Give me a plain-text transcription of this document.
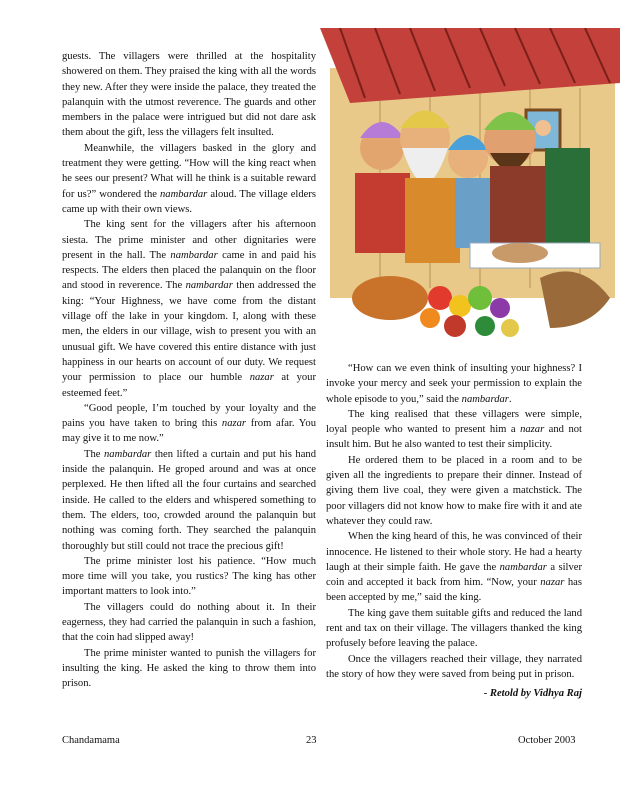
guests. The villagers were thrilled at the hospitality showered on them. They praised the king with all the words they new. After they were inside the palace, they treated the palanquin with the utmost reverence. The guards and other members in the palace were intrigued but did not dare ask them about the gift, less the villagers felt insulted.

Meanwhile, the villagers basked in the glory and treatment they were getting. “How will the king react when he sees our present? What will he think is a suitable reward for us?” wondered the nambardar aloud. The village elders came up with their own views.

The king sent for the villagers after his afternoon siesta. The prime minister and other dignitaries were present in the hall. The nambardar came in and paid his respects. The elders then placed the palanquin on the floor and stood in reverence. The nambardar then addressed the king: “Your Highness, we have come from the distant village off the lake in your kingdom. I, along with these men, the elders in our village, wish to present you with an unusual gift. We have covered this entire distance with just happiness in our hearts on account of our duty. We request your permission to place our humble nazar at your esteemed feet.”

“Good people, I’m touched by your loyalty and the pains you have taken to bring this nazar from afar. You may give it to me now.”

The nambardar then lifted a curtain and put his hand inside the palanquin. He groped around and was at once perplexed. He then lifted all the four curtains and searched inside. He called to the elders and whispered something to them. The elders, too, crowded around the palanquin but nothing was coming forth. They searched the palanquin thoroughly but still could not trace the precious gift!

The prime minister lost his patience. “How much more time will you take, you rustics? The king has other important matters to look into.”

The villagers could do nothing about it. In their eagerness, they had carried the palanquin in such a fashion, that the coin had slipped away!

The prime minister wanted to punish the villagers for insulting the king. He asked the king to throw them into prison.

“How can we even think of insulting your highness? I invoke your mercy and seek your permission to explain the whole episode to you,” said the nambardar.

The king realised that these villagers were simple, loyal people who wanted to present him a nazar and not insult him. But he also wanted to test their simplicity.

He ordered them to be placed in a room and to be given all the ingredients to prepare their dinner. Instead of giving them live coal, they were given a matchstick. The poor villagers did not know how to make fire with it and ate whatever they could raw.

When the king heard of this, he was convinced of their innocence. He listened to their whole story. He had a hearty laugh at their simple faith. He gave the nambardar a silver coin and accepted it back from him. “Now, your nazar has been accepted by me,” said the king.

The king gave them suitable gifts and reduced the land rent and tax on their village. The villagers thanked the king profusely before leaving the palace.

Once the villagers reached their village, they narrated the story of how they were saved from being put in prison.

- Retold by Vidhya Raj

Chandamama	23	October 2003
